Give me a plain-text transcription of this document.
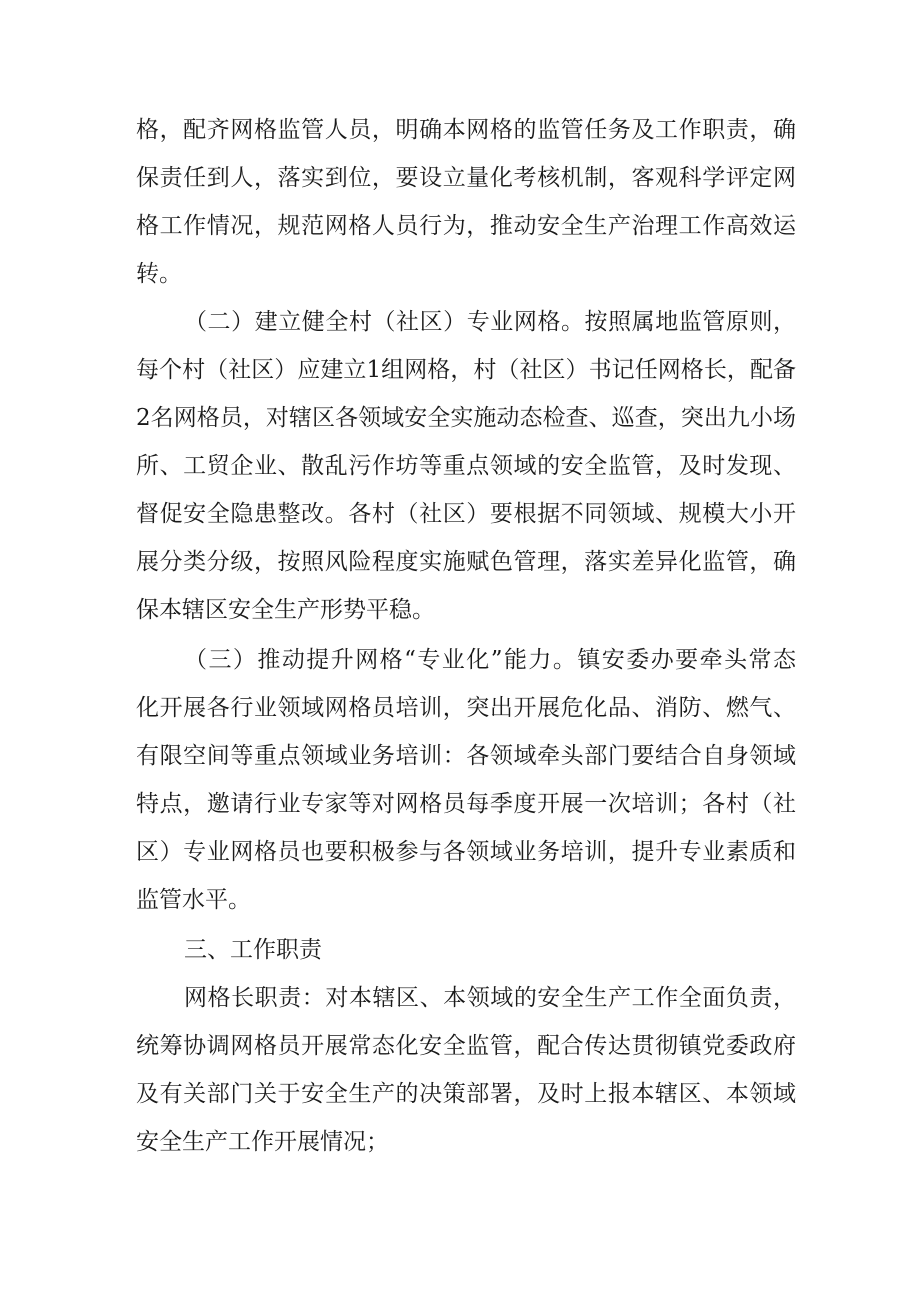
格，配齐网格监管人员，明确本网格的监管任务及工作职责，确
保责任到人，落实到位，要设立量化考核机制，客观科学评定网
格工作情况，规范网格人员行为，推动安全生产治理工作高效运
转。
（二）建立健全村（社区）专业网格。按照属地监管原则，
每个村（社区）应建立1组网格，村（社区）书记任网格长，配备
2名网格员，对辖区各领域安全实施动态检查、巡查，突出九小场
所、工贸企业、散乱污作坊等重点领域的安全监管，及时发现、
督促安全隐患整改。各村（社区）要根据不同领域、规模大小开
展分类分级，按照风险程度实施赋色管理，落实差异化监管，确
保本辖区安全生产形势平稳。
（三）推动提升网格“专业化”能力。镇安委办要牵头常态
化开展各行业领域网格员培训，突出开展危化品、消防、燃气、
有限空间等重点领域业务培训：各领域牵头部门要结合自身领域
特点，邀请行业专家等对网格员每季度开展一次培训；各村（社
区）专业网格员也要积极参与各领域业务培训，提升专业素质和
监管水平。
三、工作职责
网格长职责：对本辖区、本领域的安全生产工作全面负责，
统筹协调网格员开展常态化安全监管，配合传达贯彻镇党委政府
及有关部门关于安全生产的决策部署，及时上报本辖区、本领域
安全生产工作开展情况；
